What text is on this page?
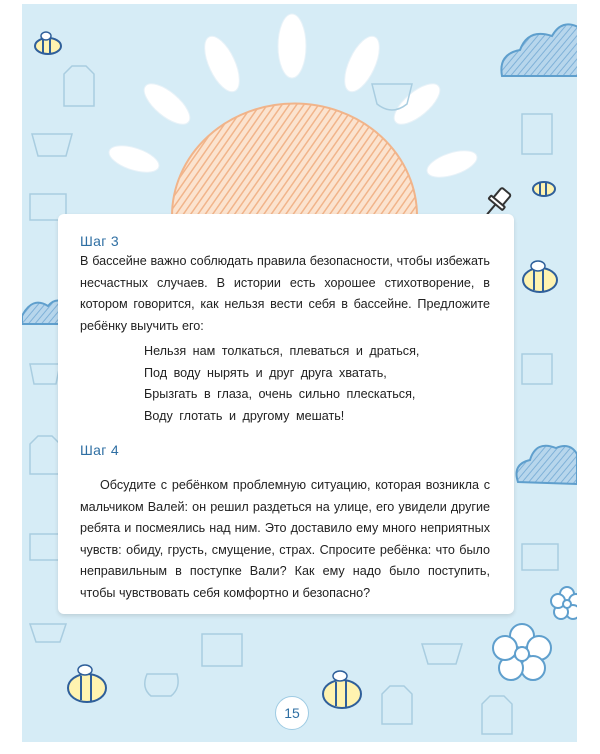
Шаг 3

В бассейне важно соблюдать правила безопасности, чтобы избежать несчастных случаев. В истории есть хорошее стихотворение, в котором говорится, как нельзя вести себя в бассейне. Предложите ребёнку выучить его:

Нельзя нам толкаться, плеваться и драться,
Под воду нырять и друг друга хватать,
Брызгать в глаза, очень сильно плескаться,
Воду глотать и другому мешать!
Шаг 4

Обсудите с ребёнком проблемную ситуацию, которая возникла с мальчиком Валей: он решил раздеться на улице, его увидели другие ребята и посмеялись над ним. Это доставило ему много неприятных чувств: обиду, грусть, смущение, страх. Спросите ребёнка: что было неправильным в поступке Вали? Как ему надо было поступить, чтобы чувствовать себя комфортно и безопасно?

15
